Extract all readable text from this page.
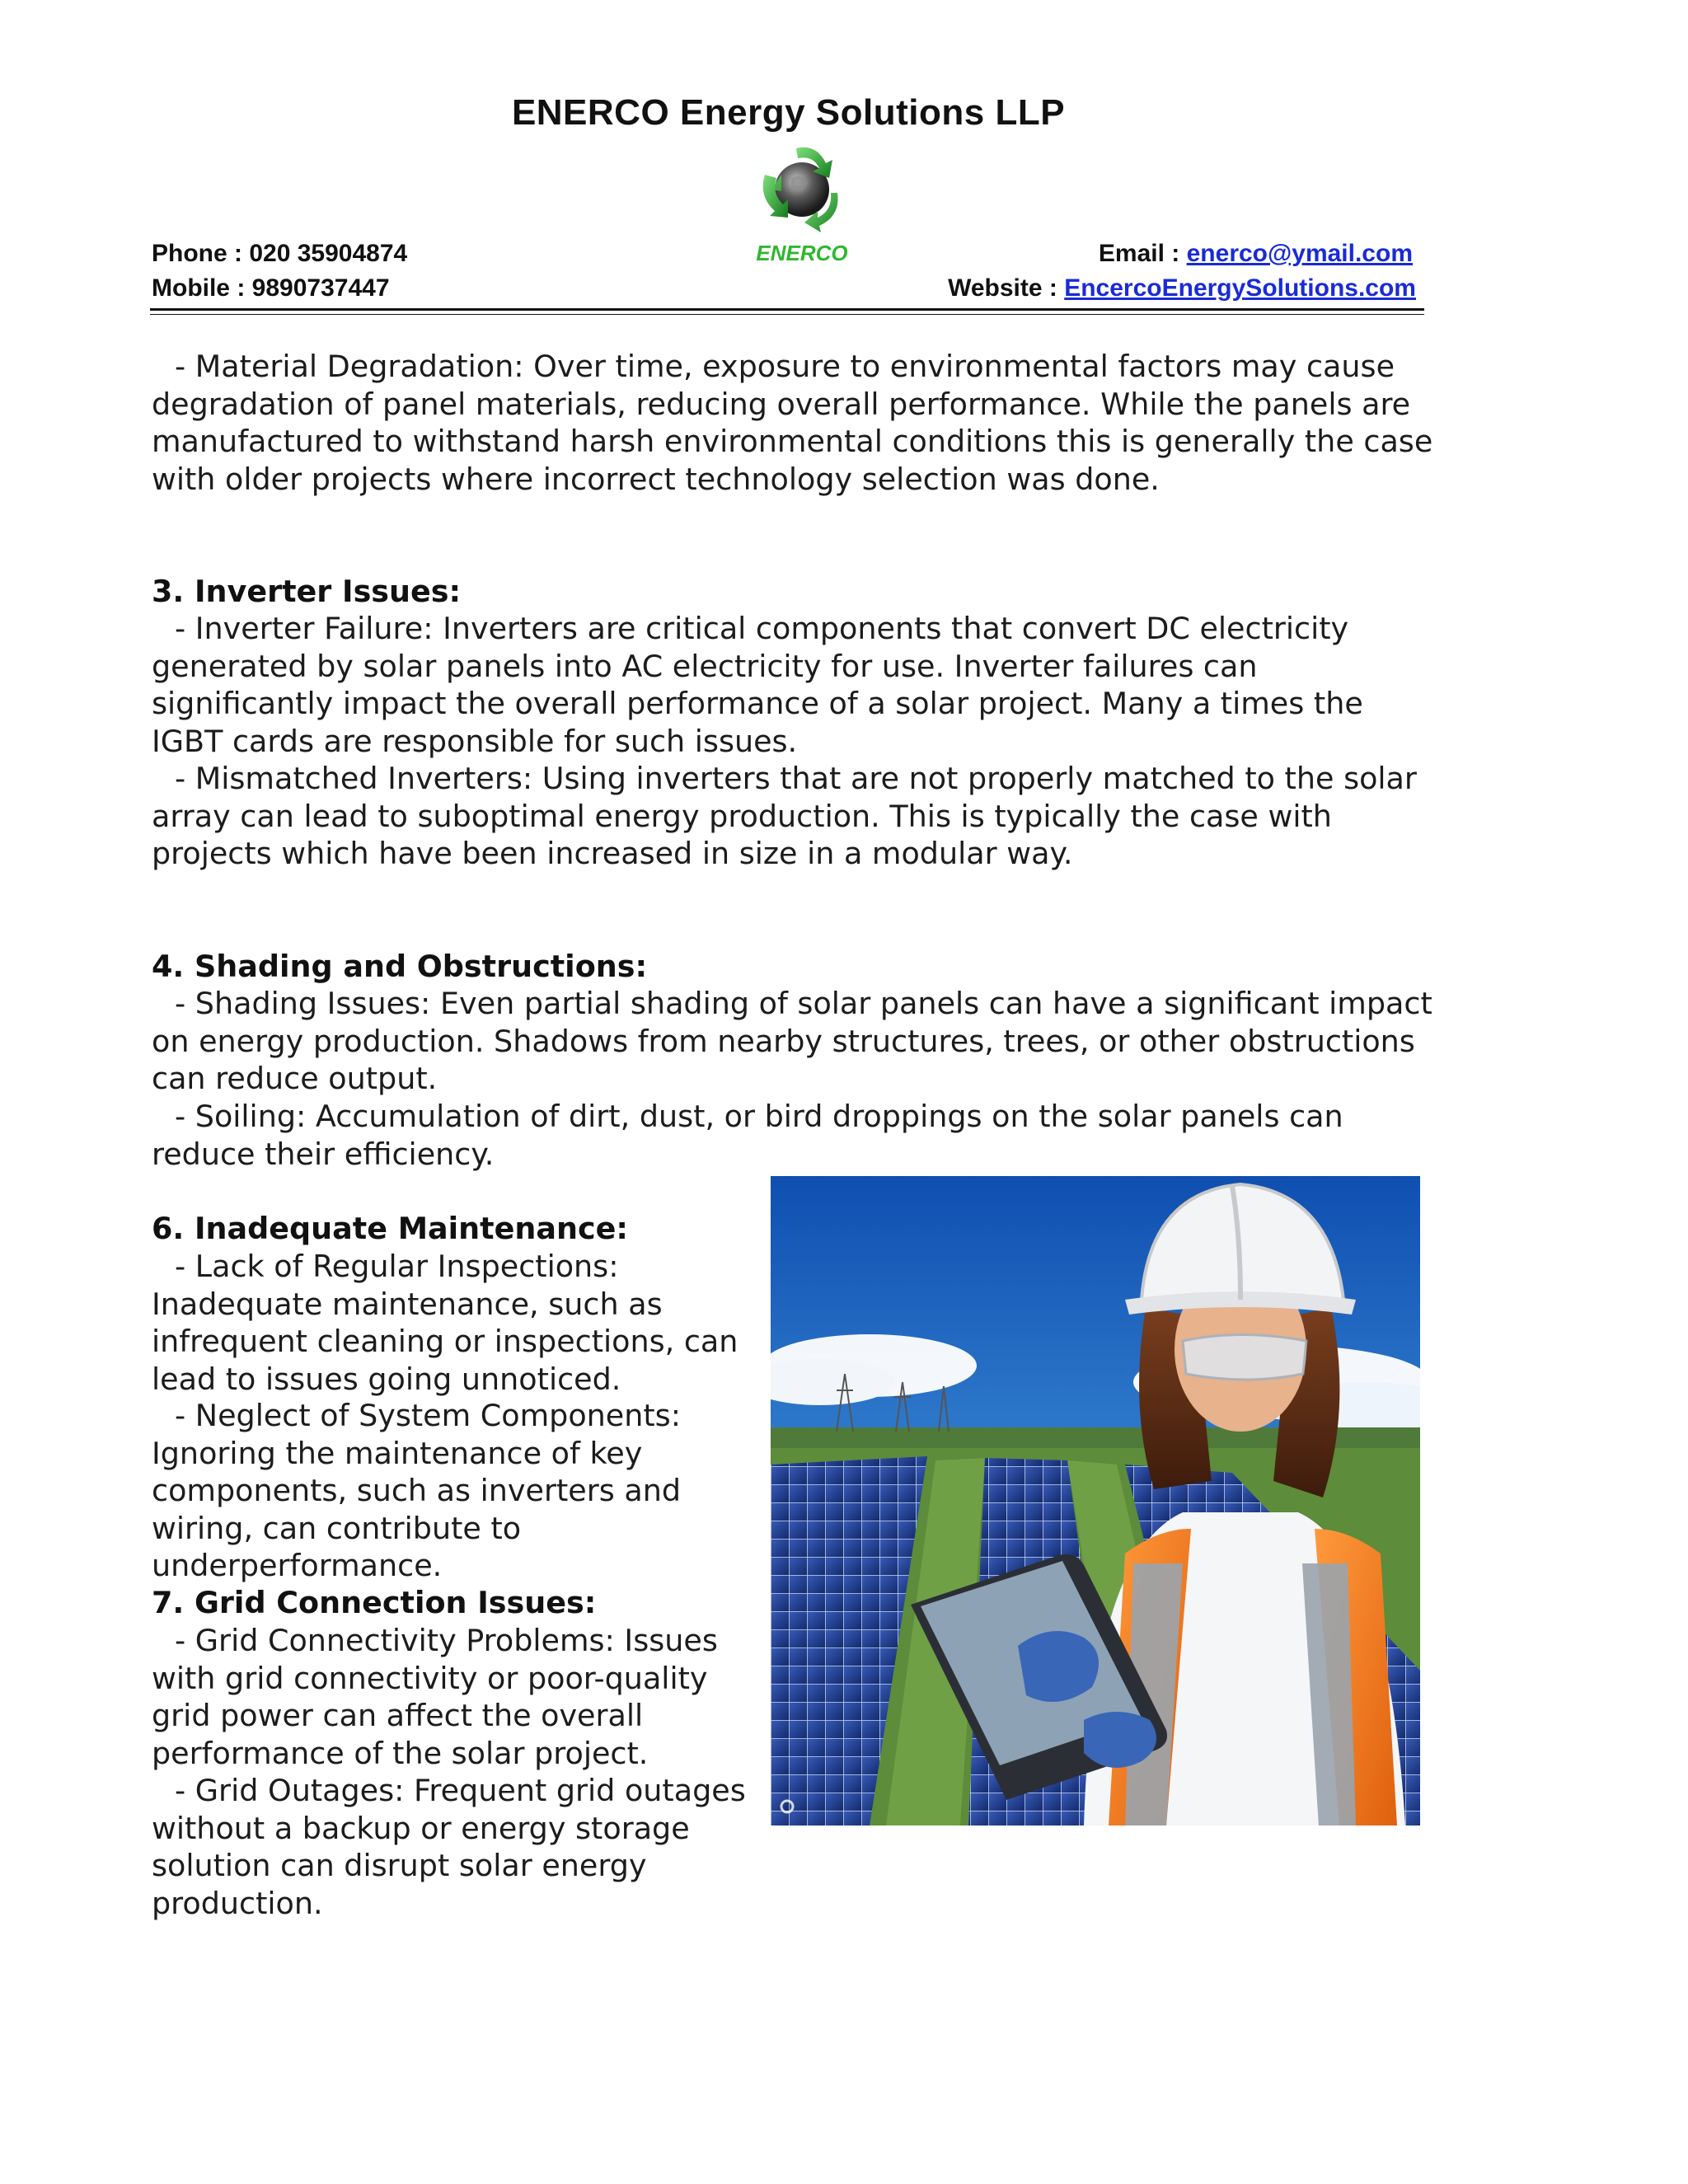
ENERCO Energy Solutions LLP
ENERCO
Phone : 020 35904874
Mobile : 9890737447
Email : enerco@ymail.com
Website : EncercoEnergySolutions.com

- Material Degradation: Over time, exposure to environmental factors may cause degradation of panel materials, reducing overall performance. While the panels are manufactured to withstand harsh environmental conditions this is generally the case with older projects where incorrect technology selection was done.

3. Inverter Issues:

- Inverter Failure: Inverters are critical components that convert DC electricity generated by solar panels into AC electricity for use. Inverter failures can significantly impact the overall performance of a solar project. Many a times the IGBT cards are responsible for such issues.

- Mismatched Inverters: Using inverters that are not properly matched to the solar array can lead to suboptimal energy production. This is typically the case with projects which have been increased in size in a modular way.

4. Shading and Obstructions:

- Shading Issues: Even partial shading of solar panels can have a significant impact on energy production. Shadows from nearby structures, trees, or other obstructions can reduce output.

- Soiling: Accumulation of dirt, dust, or bird droppings on the solar panels can reduce their efficiency.

6. Inadequate Maintenance:

- Lack of Regular Inspections: Inadequate maintenance, such as infrequent cleaning or inspections, can lead to issues going unnoticed.

- Neglect of System Components: Ignoring the maintenance of key components, such as inverters and wiring, can contribute to underperformance.

7. Grid Connection Issues:

- Grid Connectivity Problems: Issues with grid connectivity or poor-quality grid power can affect the overall performance of the solar project.

- Grid Outages: Frequent grid outages without a backup or energy storage solution can disrupt solar energy production.
